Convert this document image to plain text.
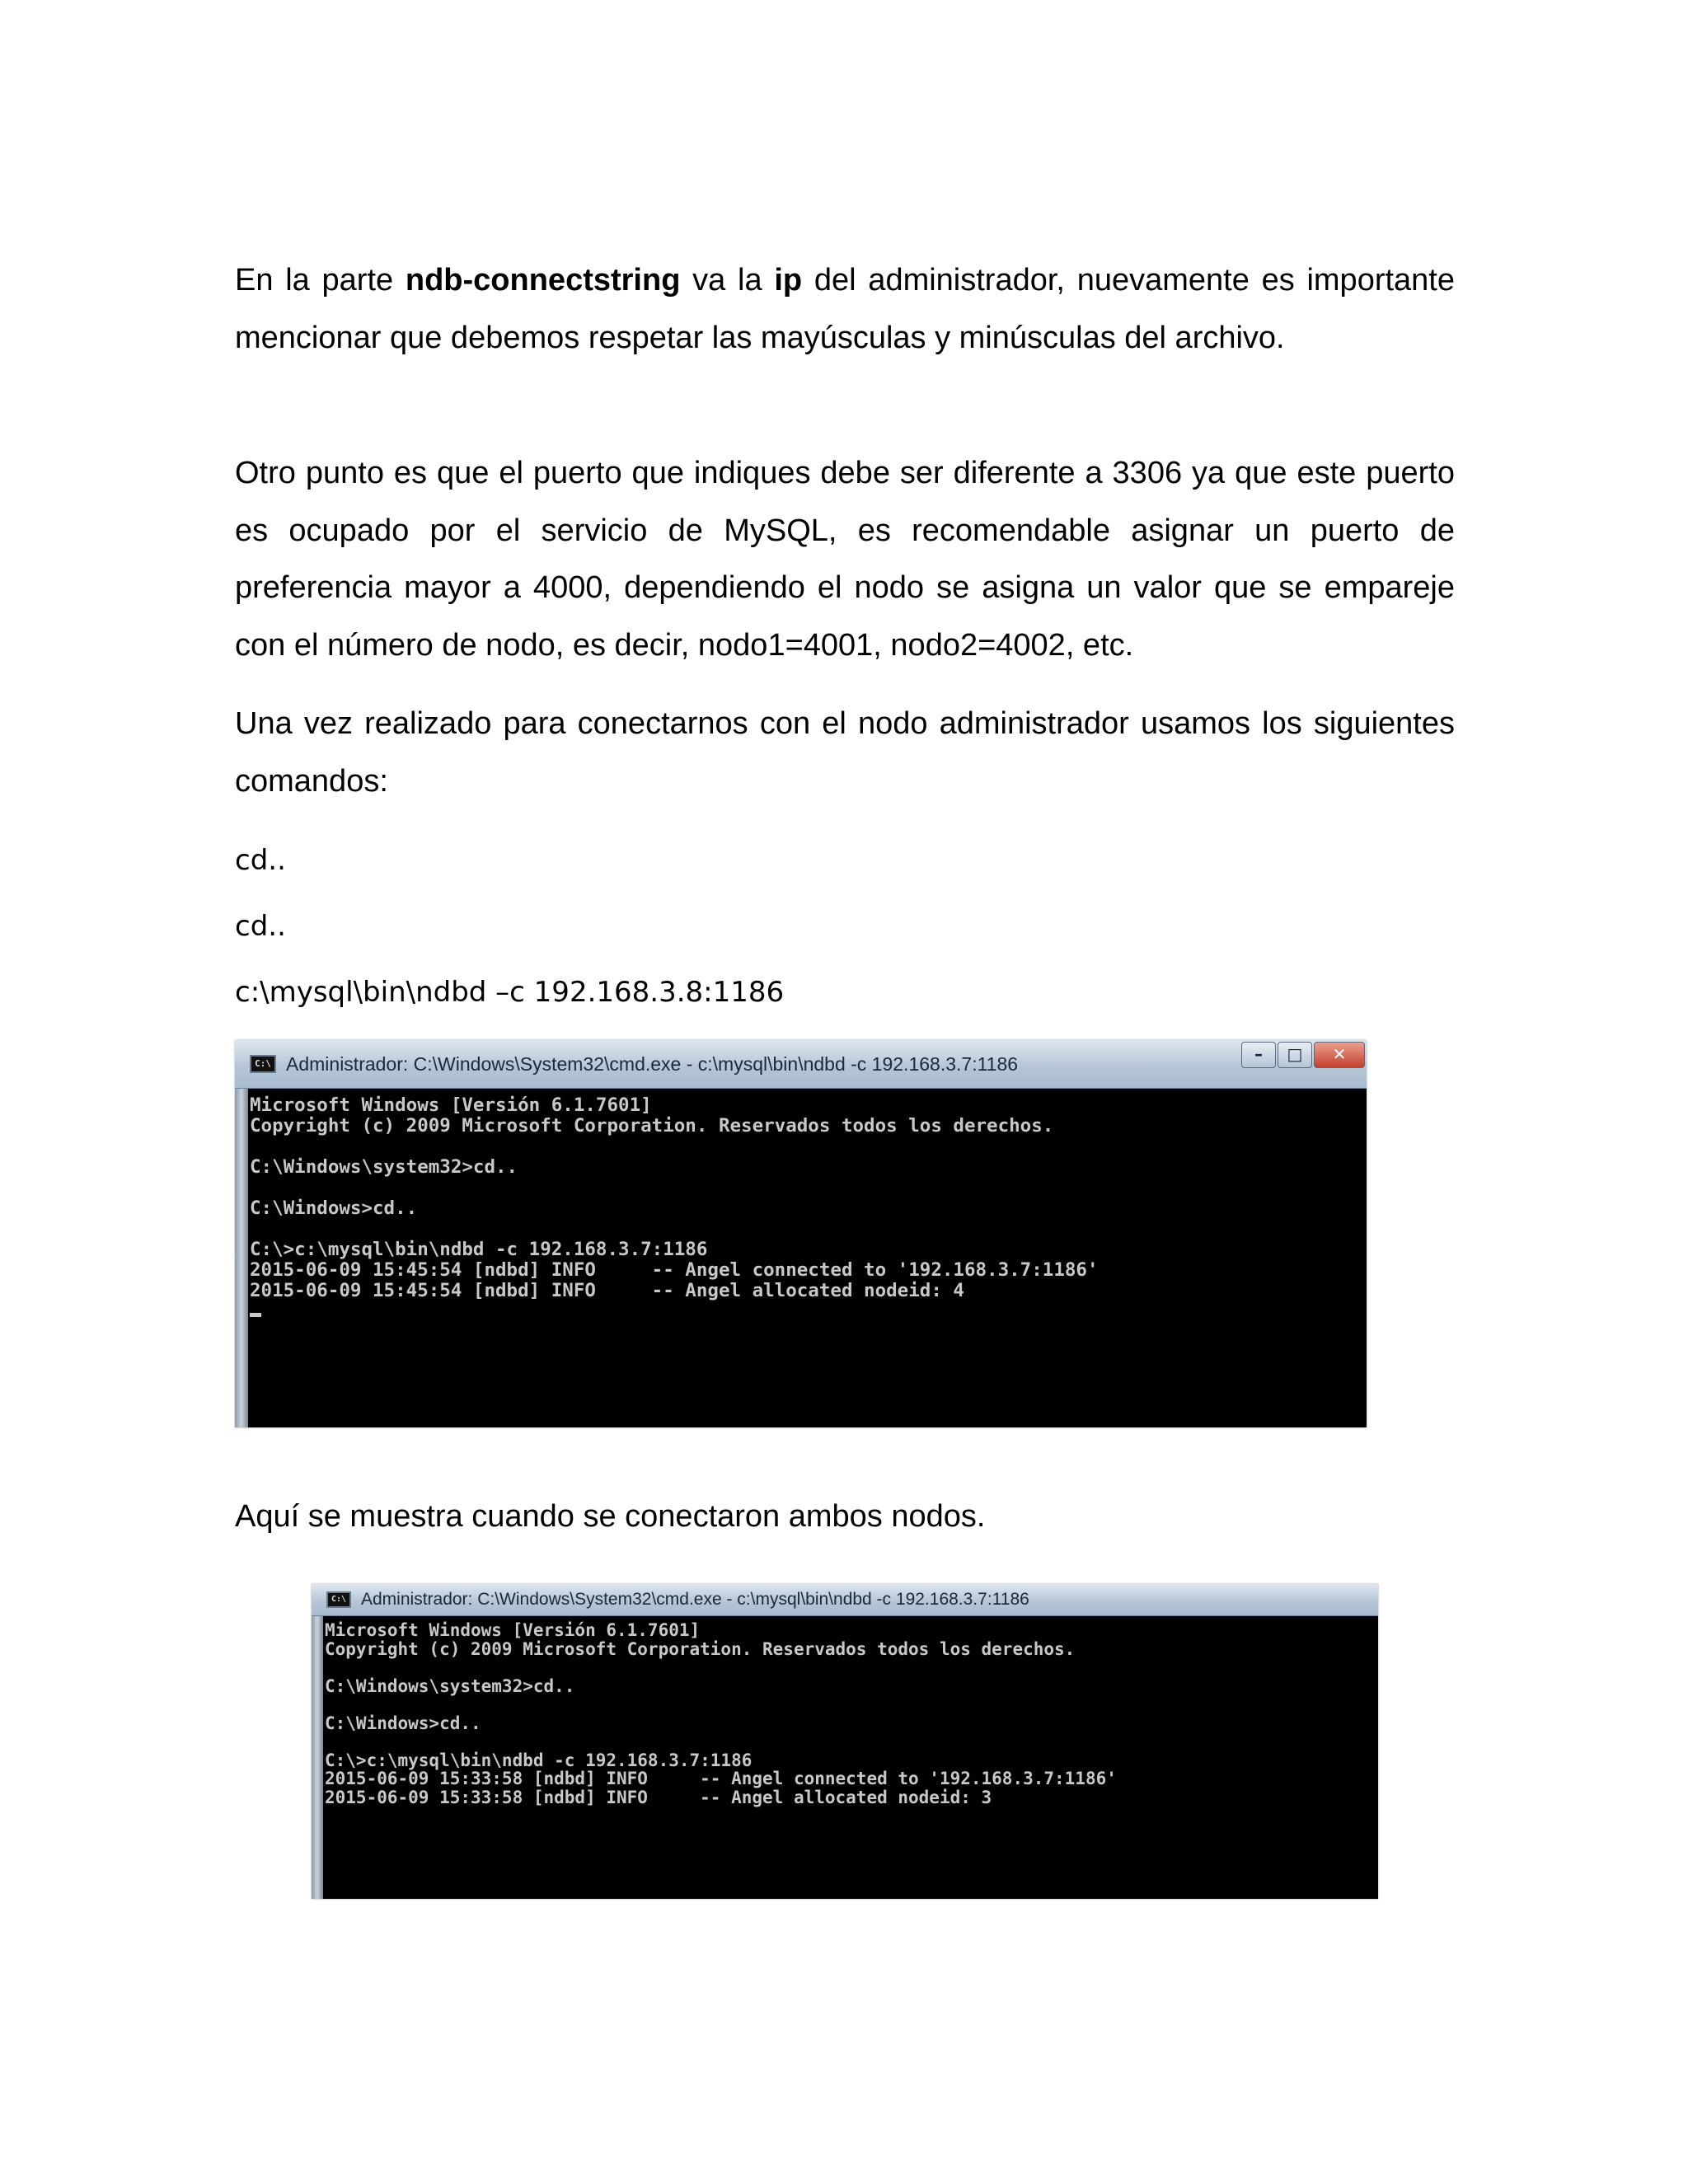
En la parte ndb-connectstring va la ip del administrador, nuevamente es importante mencionar que debemos respetar las mayúsculas y minúsculas del archivo.

Otro punto es que el puerto que indiques debe ser diferente a 3306 ya que este puerto es ocupado por el servicio de MySQL, es recomendable asignar un puerto de preferencia mayor a 4000, dependiendo el nodo se asigna un valor que se empareje con el número de nodo, es decir, nodo1=4001, nodo2=4002, etc.

Una vez realizado para conectarnos con el nodo administrador usamos los siguientes comandos:

cd..

cd..

c:\mysql\bin\ndbd –c 192.168.3.8:1186

C:\ Administrador: C:\Windows\System32\cmd.exe - c:\mysql\bin\ndbd -c 192.168.3.7:1186	–	□	✕
Microsoft Windows [Versión 6.1.7601]
Copyright (c) 2009 Microsoft Corporation. Reservados todos los derechos.

C:\Windows\system32>cd..

C:\Windows>cd..

C:\>c:\mysql\bin\ndbd -c 192.168.3.7:1186
2015-06-09 15:45:54 [ndbd] INFO     -- Angel connected to '192.168.3.7:1186'
2015-06-09 15:45:54 [ndbd] INFO     -- Angel allocated nodeid: 4

Aquí se muestra cuando se conectaron ambos nodos.

C:\ Administrador: C:\Windows\System32\cmd.exe - c:\mysql\bin\ndbd -c 192.168.3.7:1186
Microsoft Windows [Versión 6.1.7601]
Copyright (c) 2009 Microsoft Corporation. Reservados todos los derechos.

C:\Windows\system32>cd..

C:\Windows>cd..

C:\>c:\mysql\bin\ndbd -c 192.168.3.7:1186
2015-06-09 15:33:58 [ndbd] INFO     -- Angel connected to '192.168.3.7:1186'
2015-06-09 15:33:58 [ndbd] INFO     -- Angel allocated nodeid: 3
